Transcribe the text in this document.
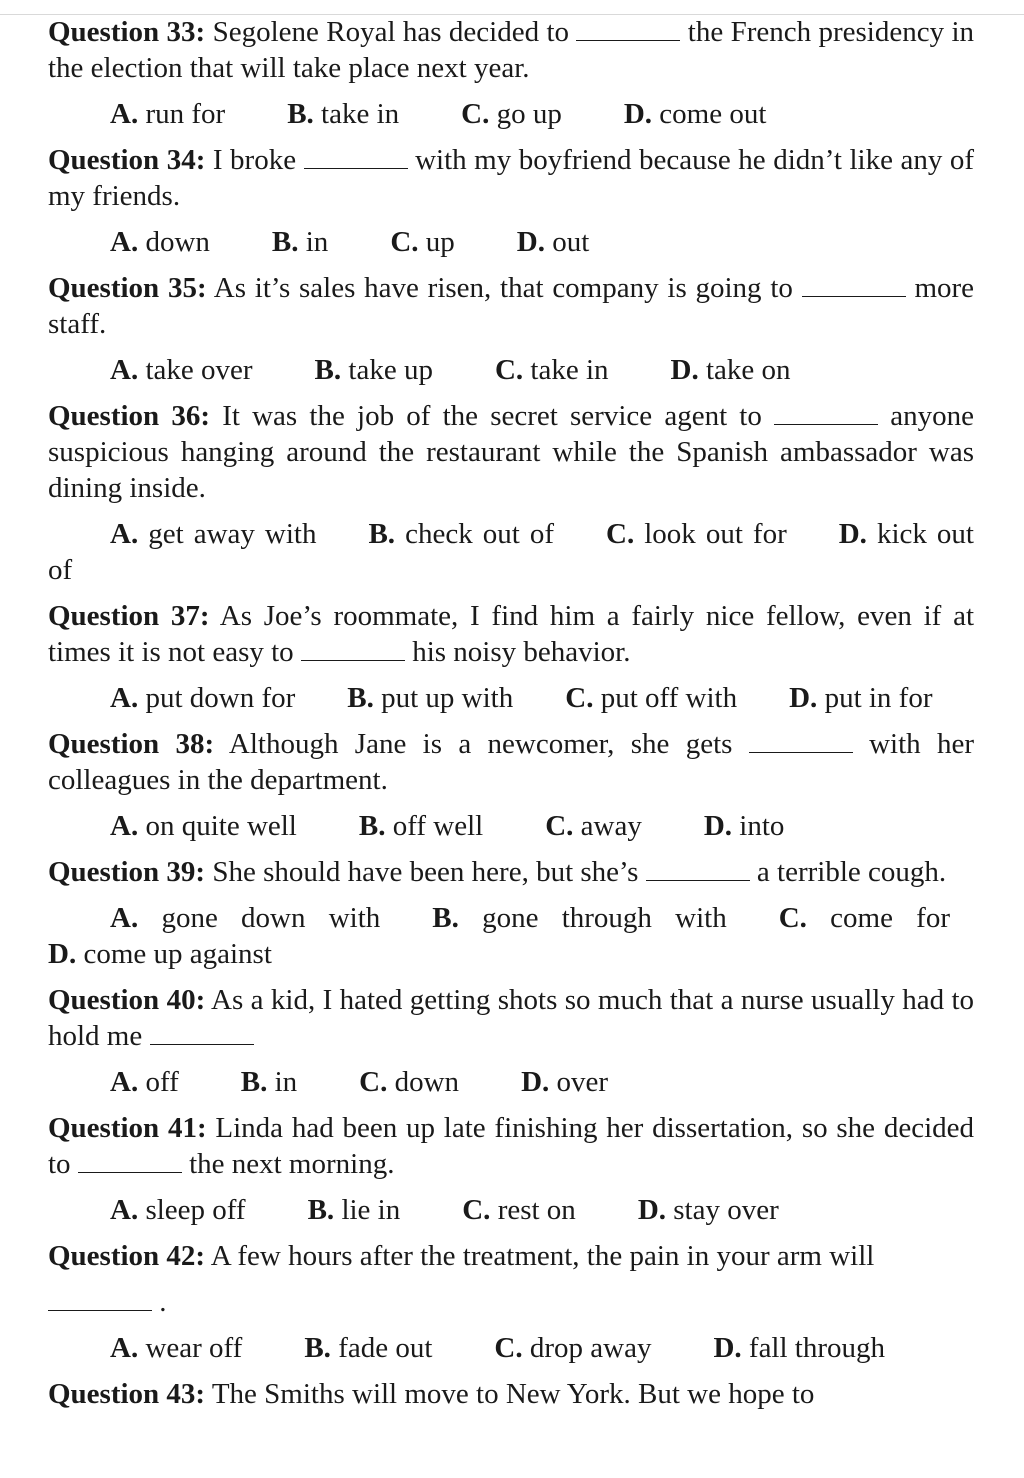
Question 33: Segolene Royal has decided to	the French presidency in the election that will take place next year.

A. run for B. take in C. go up D. come out

Question 34: I broke	with my boyfriend because he didn’t like any of my friends.

A. down B. in C. up D. out

Question 35: As it’s sales have risen, that company is going to	more staff.

A. take over B. take up C. take in D. take on

Question 36: It was the job of the secret service agent to	anyone suspicious hanging around the restaurant while the Spanish ambassador was dining inside.

A. get away with B. check out of C. look out for D. kick out of

Question 37: As Joe’s roommate, I find him a fairly nice fellow, even if at times it is not easy to	his noisy behavior.

A. put down for B. put up with C. put off with D. put in for

Question 38: Although Jane is a newcomer, she gets	with her colleagues in the department.

A. on quite well B. off well C. away D. into

Question 39: She should have been here, but she’s	a terrible cough.

A. gone down with B. gone through with C. come forD. come up against

Question 40: As a kid, I hated getting shots so much that a nurse usually had to hold me

A. off B. in C. down D. over

Question 41: Linda had been up late finishing her dissertation, so she decided to	the next morning.

A. sleep off B. lie in C. rest on D. stay over

Question 42: A few hours after the treatment, the pain in your arm will

.

A. wear off B. fade out C. drop away D. fall through

Question 43: The Smiths will move to New York. But we hope to
